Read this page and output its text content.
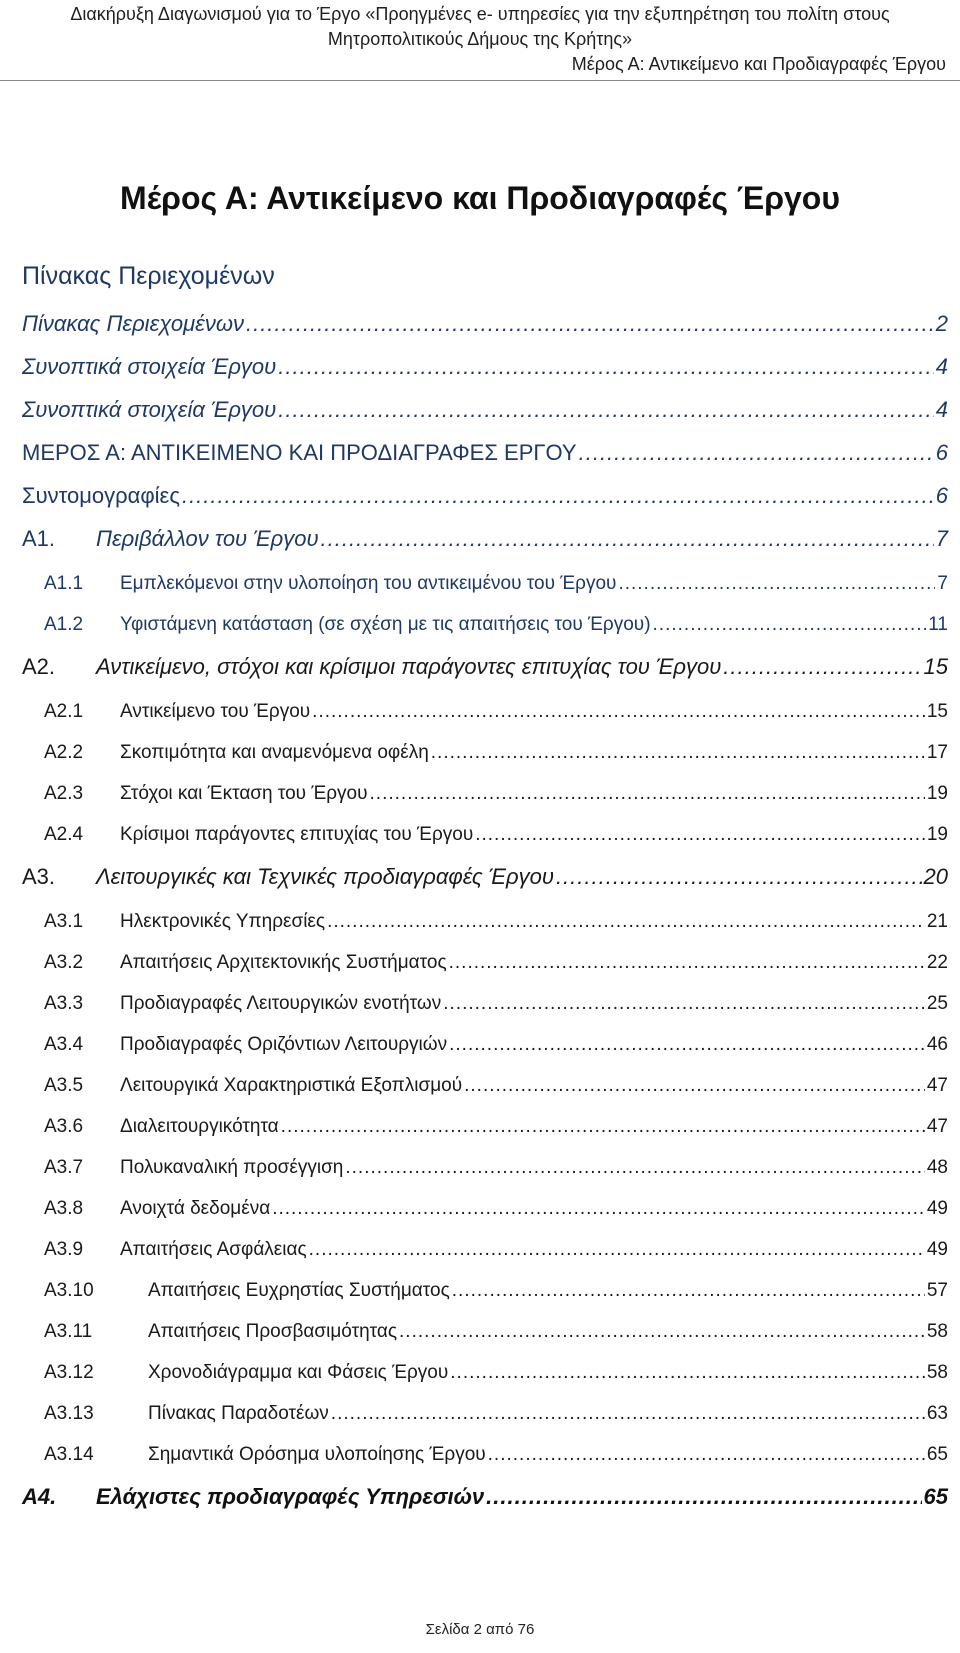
Διακήρυξη Διαγωνισμού για το Έργο «Προηγμένες e- υπηρεσίες για την εξυπηρέτηση του πολίτη στους
Μητροπολιτικούς Δήμους της Κρήτης»
Μέρος Α: Αντικείμενο και Προδιαγραφές Έργου
Μέρος Α: Αντικείμενο και Προδιαγραφές Έργου
Πίνακας Περιεχομένων
Πίνακας Περιεχομένων .....	2
Συνοπτικά στοιχεία Έργου .....	4
Συνοπτικά στοιχεία Έργου .....	4
ΜΕΡΟΣ Α: ΑΝΤΙΚΕΙΜΕΝΟ ΚΑΙ ΠΡΟΔΙΑΓΡΑΦΕΣ ΕΡΓΟΥ .....	6
Συντομογραφίες .....	6
Α1.	Περιβάλλον του Έργου .....	7
Α1.1	Εμπλεκόμενοι στην υλοποίηση του αντικειμένου του Έργου .....	7
Α1.2	Υφιστάμενη κατάσταση (σε σχέση με τις απαιτήσεις του Έργου) .....	11
Α2.	Αντικείμενο, στόχοι και κρίσιμοι παράγοντες επιτυχίας του Έργου .....	15
Α2.1	Αντικείμενο του Έργου .....	15
Α2.2	Σκοπιμότητα και αναμενόμενα οφέλη .....	17
Α2.3	Στόχοι και Έκταση του Έργου .....	19
Α2.4	Κρίσιμοι παράγοντες επιτυχίας του Έργου .....	19
Α3.	Λειτουργικές και Τεχνικές προδιαγραφές Έργου .....	20
Α3.1	Ηλεκτρονικές Υπηρεσίες .....	21
Α3.2	Απαιτήσεις Αρχιτεκτονικής Συστήματος .....	22
Α3.3	Προδιαγραφές Λειτουργικών ενοτήτων .....	25
Α3.4	Προδιαγραφές Οριζόντιων Λειτουργιών .....	46
Α3.5	Λειτουργικά Χαρακτηριστικά Εξοπλισμού .....	47
Α3.6	Διαλειτουργικότητα .....	47
Α3.7	Πολυκαναλική προσέγγιση .....	48
Α3.8	Ανοιχτά δεδομένα .....	49
Α3.9	Απαιτήσεις Ασφάλειας .....	49
Α3.10	Απαιτήσεις Ευχρηστίας Συστήματος .....	57
Α3.11	Απαιτήσεις Προσβασιμότητας .....	58
Α3.12	Χρονοδιάγραμμα και Φάσεις Έργου .....	58
Α3.13	Πίνακας Παραδοτέων .....	63
Α3.14	Σημαντικά Ορόσημα υλοποίησης Έργου .....	65
Α4.	Ελάχιστες προδιαγραφές Υπηρεσιών .....	65
Σελίδα 2 από 76
